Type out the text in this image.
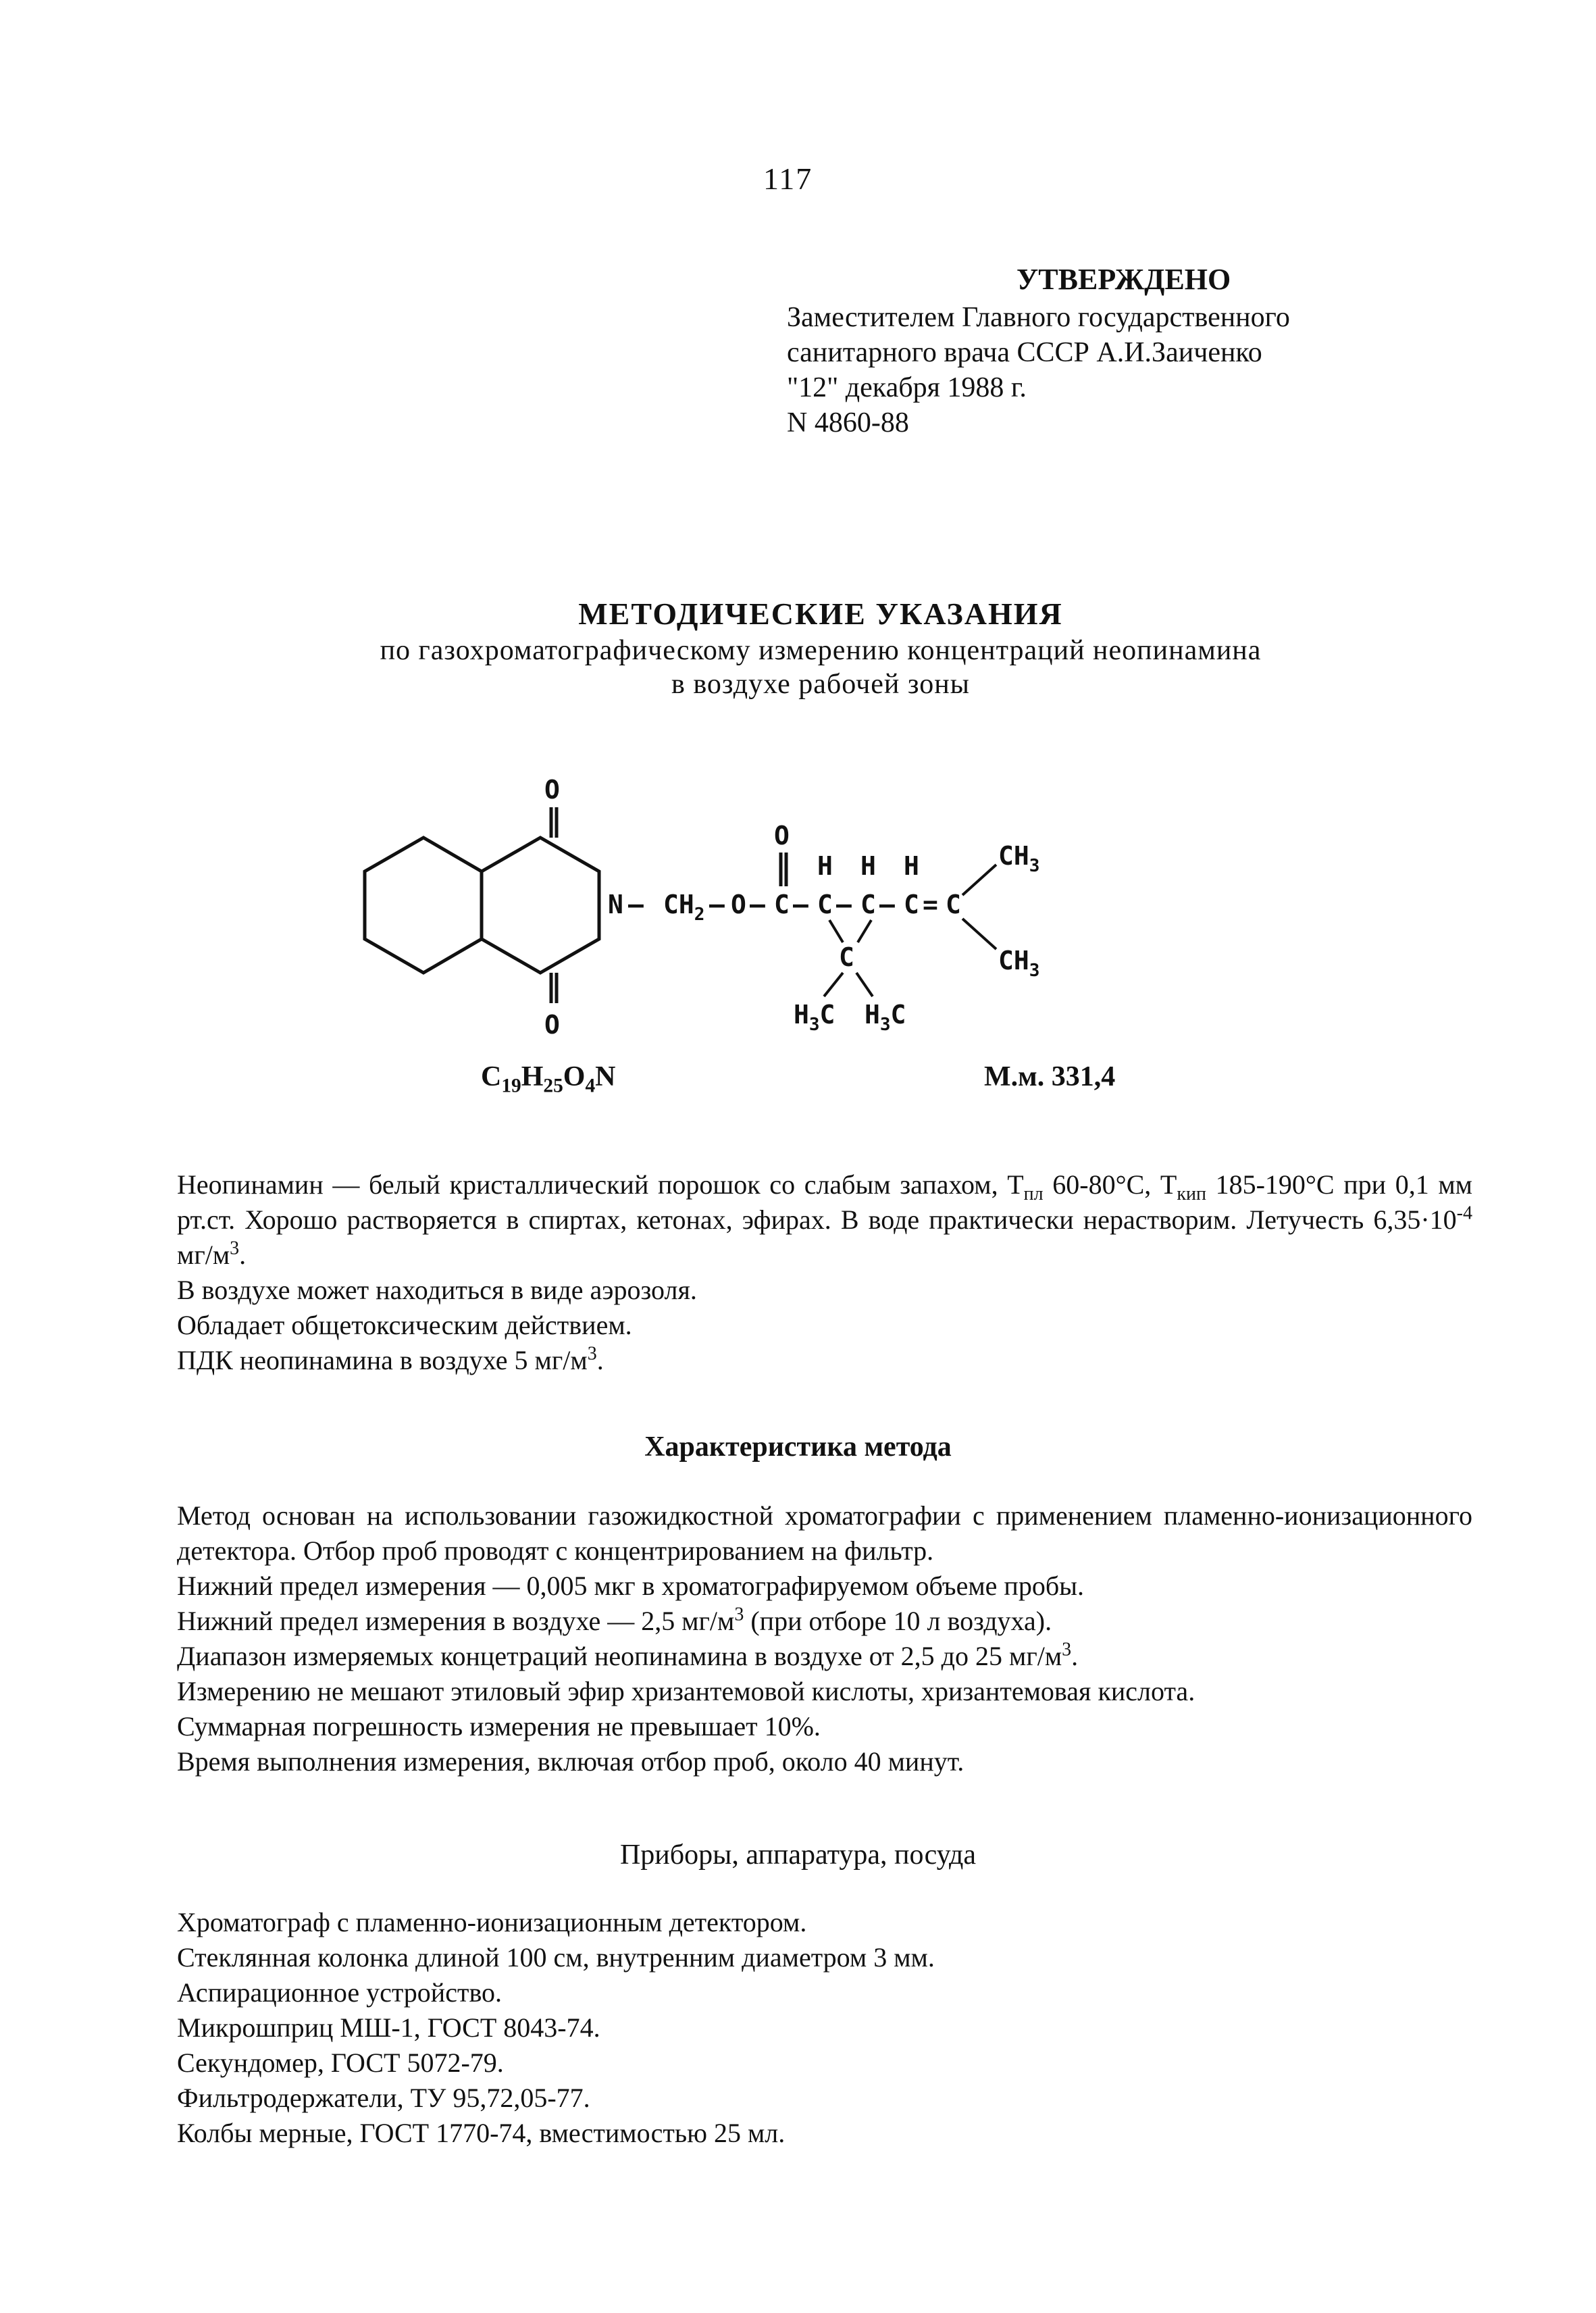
117
УТВЕРЖДЕНО
Заместителем Главного государственного
санитарного врача СССР А.И.Заиченко
"12" декабря 1988 г.
N 4860-88
МЕТОДИЧЕСКИЕ УКАЗАНИЯ
по газохроматографическому измерению концентраций неопинамина
в воздухе рабочей зоны
O
O
N — $CH_2$ — O — C — C — C — C = C
O
H H H
C
$H_3C$ $H_3C$
$CH_3$
$CH_3$
$C_{19}H_{25}O_4N$	М.м. 331,4
Неопинамин — белый кристаллический порошок со слабым запахом, $Т_{пл}$ 60-80°С, $Т_{кип}$ 185-190°С при 0,1 мм рт.ст. Хорошо растворяется в спиртах, кетонах, эфирах. В воде практически нерастворим. Летучесть $6,35\cdot 10^{-4}$ $мг/м^3$.
В воздухе может находиться в виде аэрозоля.
Обладает общетоксическим действием.
ПДК неопинамина в воздухе 5 $мг/м^3$.
Характеристика метода
Метод основан на использовании газожидкостной хроматографии с применением пламенно-ионизационного детектора. Отбор проб проводят с концентрированием на фильтр.
Нижний предел измерения — 0,005 мкг в хроматографируемом объеме пробы.
Нижний предел измерения в воздухе — 2,5 $мг/м^3$ (при отборе 10 л воздуха).
Диапазон измеряемых концетраций неопинамина в воздухе от 2,5 до 25 $мг/м^3$.
Измерению не мешают этиловый эфир хризантемовой кислоты, хризантемовая кислота.
Суммарная погрешность измерения не превышает 10%.
Время выполнения измерения, включая отбор проб, около 40 минут.
Приборы, аппаратура, посуда
Хроматограф с пламенно-ионизационным детектором.
Стеклянная колонка длиной 100 см, внутренним диаметром 3 мм.
Аспирационное устройство.
Микрошприц МШ-1, ГОСТ 8043-74.
Секундомер, ГОСТ 5072-79.
Фильтродержатели, ТУ 95,72,05-77.
Колбы мерные, ГОСТ 1770-74, вместимостью 25 мл.
